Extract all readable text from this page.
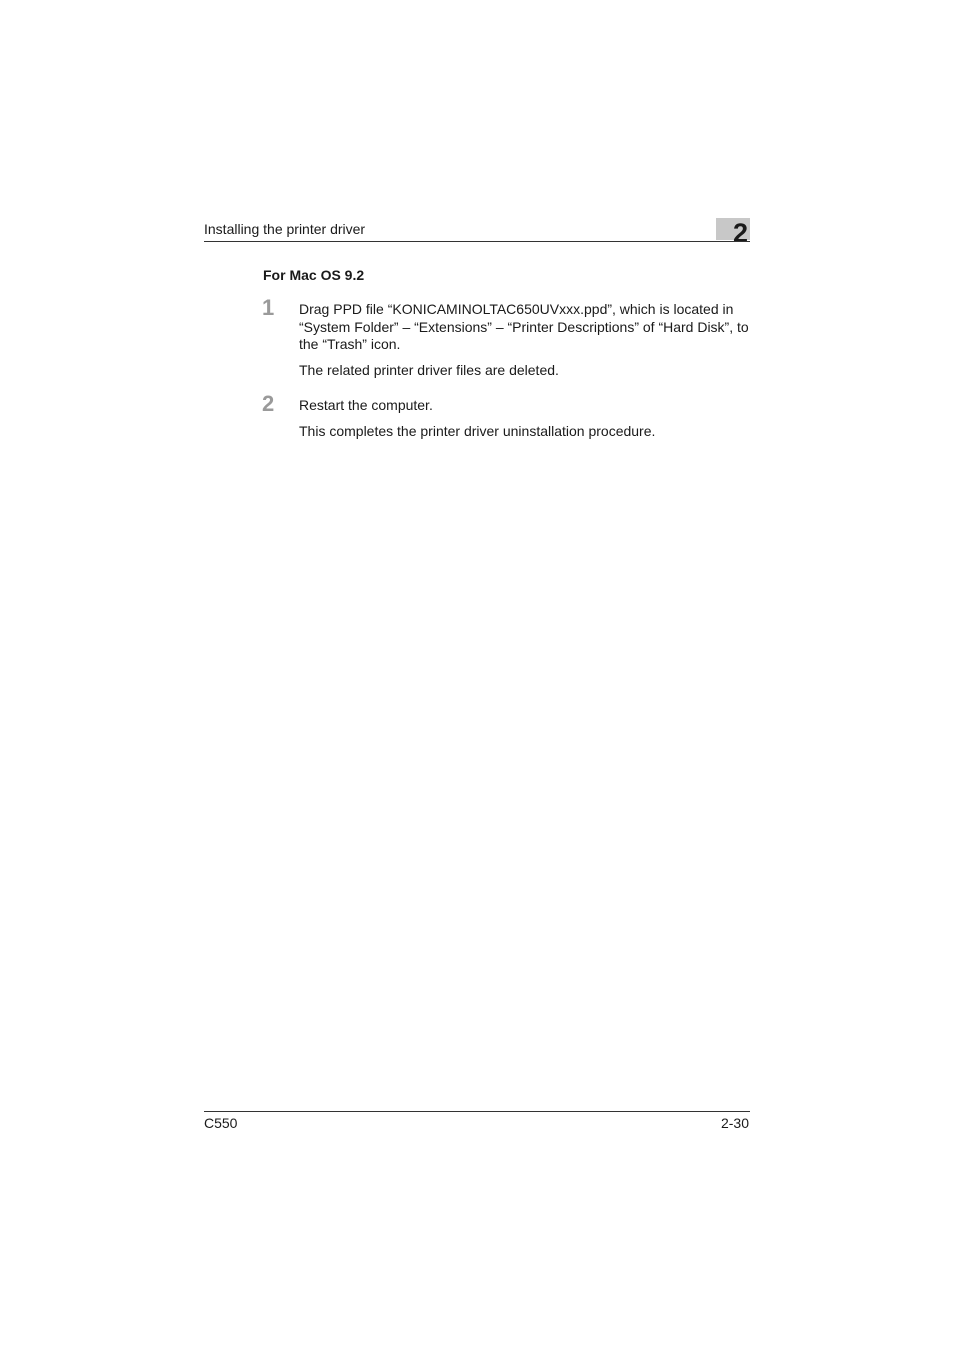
Installing the printer driver	2
For Mac OS 9.2
1 Drag PPD file “KONICAMINOLTAC650UVxxx.ppd”, which is located in “System Folder” – “Extensions” – “Printer Descriptions” of “Hard Disk”, to the “Trash” icon.
The related printer driver files are deleted.
2 Restart the computer.
This completes the printer driver uninstallation procedure.
C550	2-30
